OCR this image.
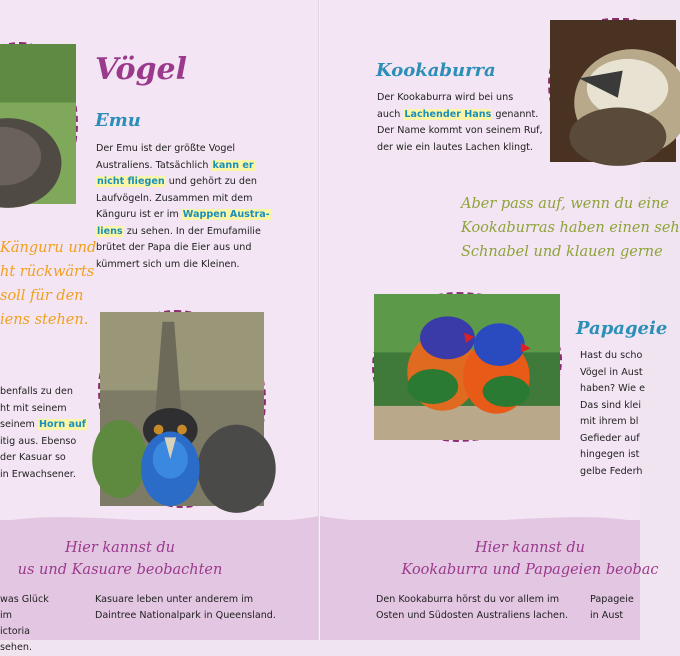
Vögel
Emu
Der Emu ist der größte Vogel
Australiens. Tatsächlich kann er
nicht fliegen und gehört zu den
Laufvögeln. Zusammen mit dem
Känguru ist er im Wappen Austra-
liens zu sehen. In der Emufamilie
brütet der Papa die Eier aus und
kümmert sich um die Kleinen.
Känguru und
ht rückwärts
soll für den
iens stehen.
benfalls zu den
ht mit seinem
seinem Horn auf
itig aus. Ebenso
der Kasuar so
in Erwachsener.
Hier kannst du
us und Kasuare beobachten
was Glück im
ictoria sehen.
Kasuare leben unter anderem im
Daintree Nationalpark in Queensland.
Kookaburra
Der Kookaburra wird bei uns
auch Lachender Hans genannt.
Der Name kommt von seinem Ruf,
der wie ein lautes Lachen klingt.
Aber pass auf, wenn du eine
Kookaburras haben einen seh
Schnabel und klauen gerne
Papageie
Hast du scho
Vögel in Aust
haben? Wie e
Das sind klei
mit ihrem bl
Gefieder auf
hingegen ist
gelbe Federh
Hier kannst du
Kookaburra und Papageien beobac
Den Kookaburra hörst du vor allem im
Osten und Südosten Australiens lachen.
Papageie
in Aust
